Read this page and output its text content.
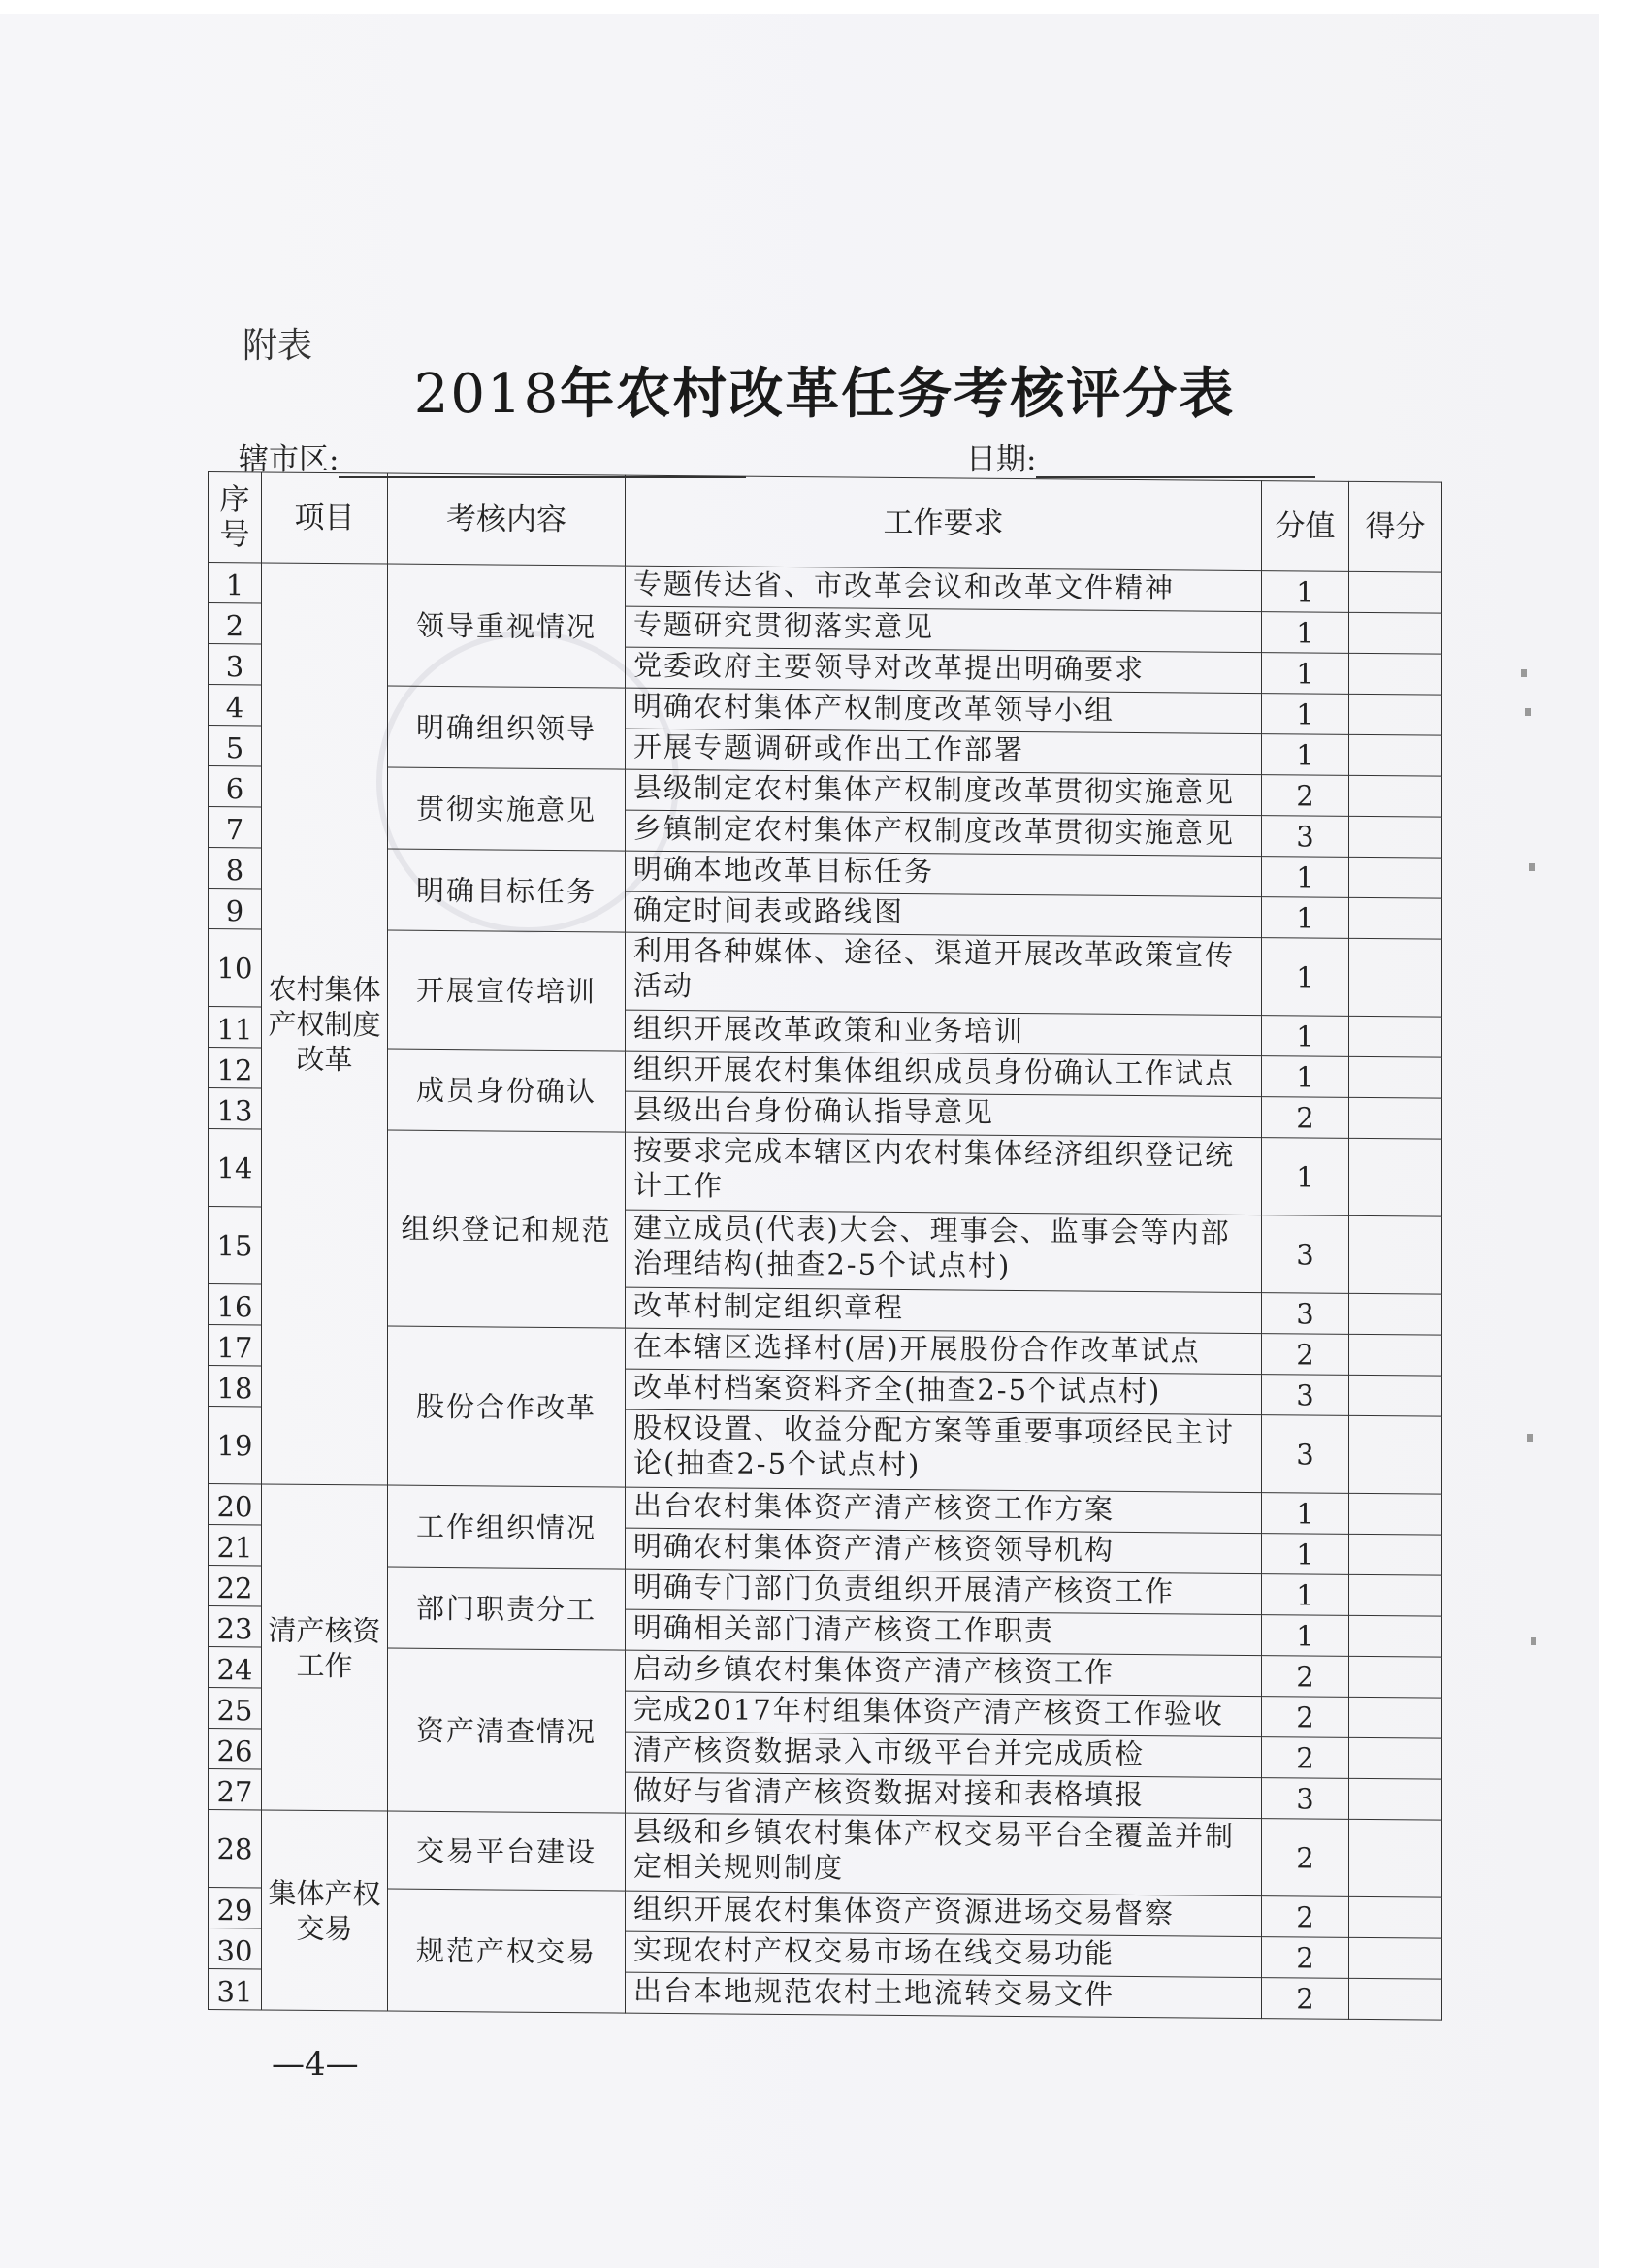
附表
2018年农村改革任务考核评分表
辖市区:	日期:
序号	项目	考核内容	工作要求	分值	得分
1	农村集体产权制度改革	领导重视情况	专题传达省、市改革会议和改革文件精神	1	
2			专题研究贯彻落实意见	1	
3			党委政府主要领导对改革提出明确要求	1	
4		明确组织领导	明确农村集体产权制度改革领导小组	1	
5			开展专题调研或作出工作部署	1	
6		贯彻实施意见	县级制定农村集体产权制度改革贯彻实施意见	2	
7			乡镇制定农村集体产权制度改革贯彻实施意见	3	
8		明确目标任务	明确本地改革目标任务	1	
9			确定时间表或路线图	1	
10		开展宣传培训	利用各种媒体、途径、渠道开展改革政策宣传活动	1	
11			组织开展改革政策和业务培训	1	
12		成员身份确认	组织开展农村集体组织成员身份确认工作试点	1	
13			县级出台身份确认指导意见	2	
14		组织登记和规范	按要求完成本辖区内农村集体经济组织登记统计工作	1	
15			建立成员(代表)大会、理事会、监事会等内部治理结构(抽查2-5个试点村)	3	
16			改革村制定组织章程	3	
17		股份合作改革	在本辖区选择村(居)开展股份合作改革试点	2	
18			改革村档案资料齐全(抽查2-5个试点村)	3	
19			股权设置、收益分配方案等重要事项经民主讨论(抽查2-5个试点村)	3	
20	清产核资工作	工作组织情况	出台农村集体资产清产核资工作方案	1	
21			明确农村集体资产清产核资领导机构	1	
22		部门职责分工	明确专门部门负责组织开展清产核资工作	1	
23			明确相关部门清产核资工作职责	1	
24		资产清查情况	启动乡镇农村集体资产清产核资工作	2	
25			完成2017年村组集体资产清产核资工作验收	2	
26			清产核资数据录入市级平台并完成质检	2	
27			做好与省清产核资数据对接和表格填报	3	
28	集体产权交易	交易平台建设	县级和乡镇农村集体产权交易平台全覆盖并制定相关规则制度	2	
29		规范产权交易	组织开展农村集体资产资源进场交易督察	2	
30			实现农村产权交易市场在线交易功能	2	
31			出台本地规范农村土地流转交易文件	2	
—4—
